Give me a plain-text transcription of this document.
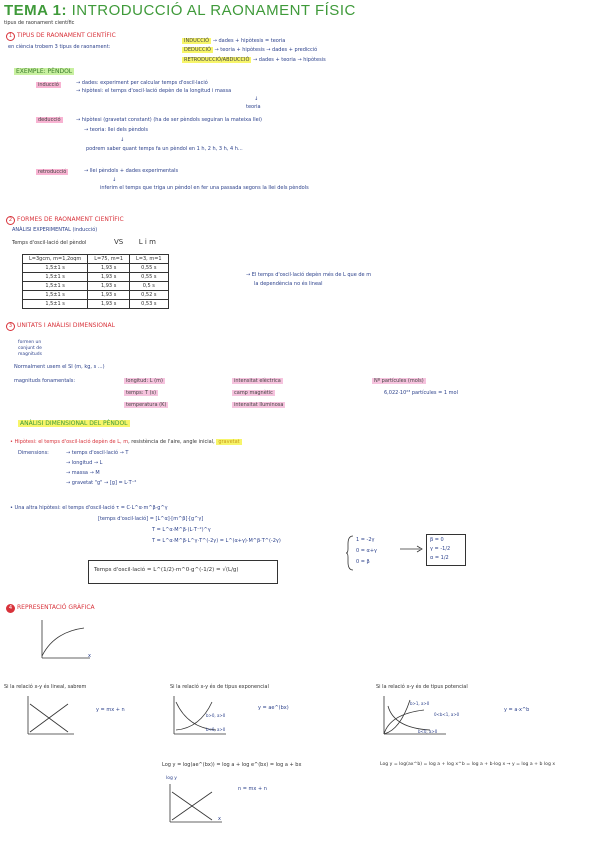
TEMA 1: INTRODUCCIÓ AL RAONAMENT FÍSIC
tipus de raonament científic
1 TIPUS DE RAONAMENT CIENTÍFIC
en ciència trobem 3 tipus de raonament:
INDUCCIÓ → dades + hipòtesis = teoria
DEDUCCIÓ → teoria + hipòtesis → dades + predicció
RETRODUCCIÓ/ABDUCCIÓ → dades + teoria → hipòtesis
EXEMPLE: PÈNDOL
inducció	→ dades: experiment per calcular temps d'oscil·lació
→ hipòtesi: el temps d'oscil·lació depèn de la longitud i massa
↓
teoria
deducció	→ hipòtesi (gravetat constant) (ha de ser pèndols seguiran la mateixa llei)
→ teoria: llei dels pèndols
↓
podrem saber quant temps fa un pèndol en 1 h, 2 h, 3 h, 4 h...
retroducció	→ llei pèndols + dades experimentals
↓
inferim el temps que triga un pèndol en fer una passada segons la llei dels pèndols
2 FORMES DE RAONAMENT CIENTÍFIC
ANÀLISI EXPERIMENTAL (inducció)
Temps d'oscil·lació del pèndol	VS L i m
L=3gcm, m=1,2oqm	L=75, m=1	L=3, m=1
1,5±1 s	1,93 s	0,55 s
1,5±1 s	1,93 s	0,55 s
1,5±1 s	1,93 s	0,5 s
1,5±1 s	1,93 s	0,52 s
1,5±1 s	1,93 s	0,53 s
→ El temps d'oscil·lació depèn més de L que de m
la dependència no és lineal
3 UNITATS I ANÀLISI DIMENSIONAL
formen un
conjunt de
magnituds
Normalment usem el SI (m, kg, s ...)
magnituds fonamentals:	longitud: L (m)
temps: T (s)
temperatura (K)
intensitat elèctrica
camp magnètic
intensitat lluminosa
Nº partícules (mols)
6,022·10²³ partícules = 1 mol
ANÀLISI DIMENSIONAL DEL PÈNDOL
• Hipòtesi: el temps d'oscil·lació depèn de L, m, resistència de l'aire, angle inicial, gravetat
Dimensions:	→ temps d'oscil·lació → T
→ longitud → L
→ massa → M
→ gravetat "g" → [g] = L·T⁻²
• Una altra hipòtesi: el temps d'oscil·lació τ = C·L^α·m^β·g^γ
[temps d'oscil·lació] = [L^α]·[m^β]·[g^γ]
T = L^α·M^β·(L·T⁻²)^γ
T = L^α·M^β·L^γ·T^(-2γ) = L^(α+γ)·M^β·T^(-2γ)	1 = -2γ
0 = α+γ
0 = β
β = 0
γ = -1/2
α = 1/2
Temps d'oscil·lació = L^(1/2)·m^0·g^(-1/2) = √(L/g)
4 REPRESENTACIÓ GRÀFICA
x
Si la relació x-y és lineal, sabrem
y = mx + n
Si la relació x-y és de tipus exponencial
b>0, a>0
b<0, a>0
y = ae^(bx)
Si la relació x-y és de tipus potencial
b>1, a>0
0<b<1, a>0
b<0, a>0
y = a·x^b
Log y = log(ae^(bx)) = log a + log e^(bx) = log a + bx	Log y = log(ax^b) = log a + log x^b = log a + b·log x → y = log a + b log x
log y
x
n = mx + n
